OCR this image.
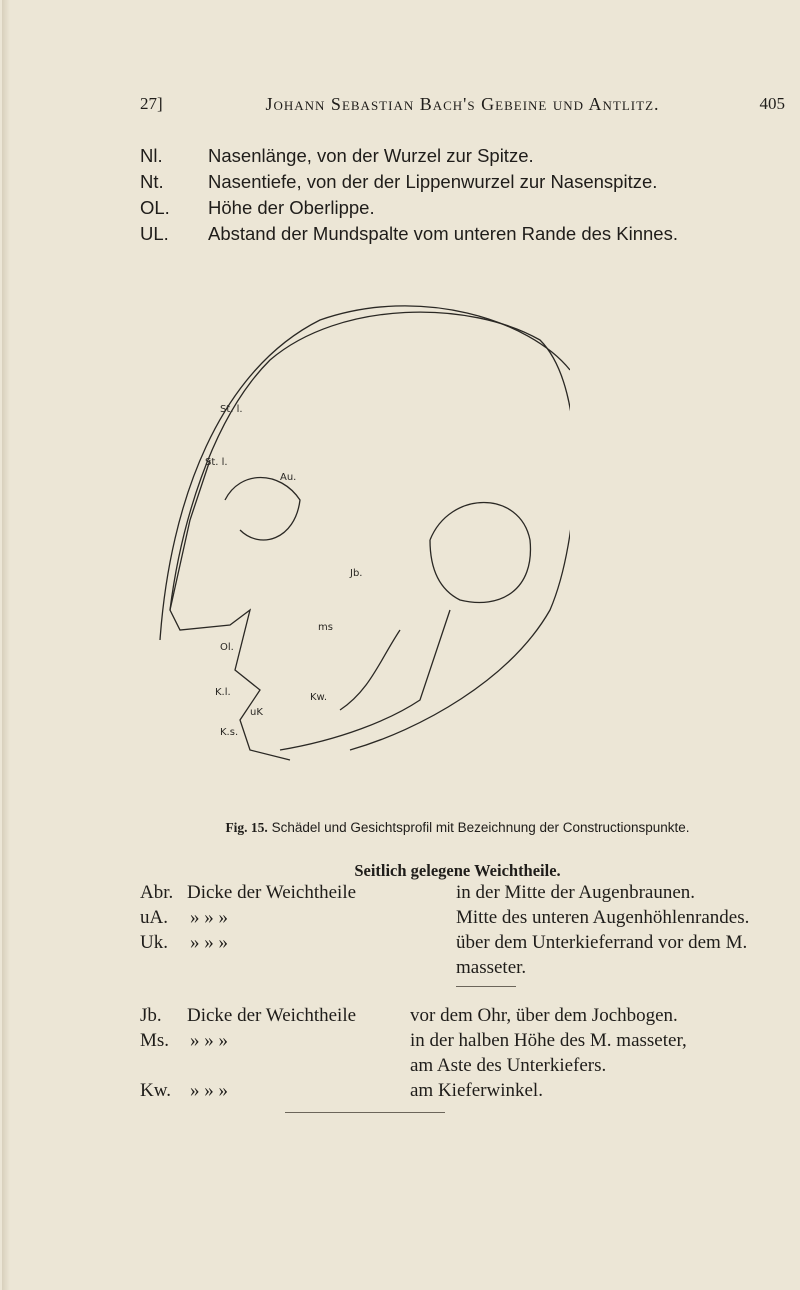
27]	Johann Sebastian Bach's Gebeine und Antlitz.	405
Nl.	Nasenlänge, von der Wurzel zur Spitze.
Nt.	Nasentiefe, von der der Lippenwurzel zur Nasenspitze.
OL.	Höhe der Oberlippe.
UL.	Abstand der Mundspalte vom unteren Rande des Kinnes.
St. l.
St. l.
Au.
Jb.
ms
Kw.
uK
Ol.
K.l.
K.s.
Fig. 15. Schädel und Gesichtsprofil mit Bezeichnung der Constructionspunkte.
Seitlich gelegene Weichtheile.
Abr. Dicke der Weichtheile	in der Mitte der Augenbraunen.
uA. » » »	Mitte des unteren Augenhöhlenrandes.
Uk. » » »	über dem Unterkieferrand vor dem M.
masseter.
Jb. Dicke der Weichtheile	vor dem Ohr, über dem Jochbogen.
Ms. » » »	in der halben Höhe des M. masseter,
am Aste des Unterkiefers.
Kw. » » »	am Kieferwinkel.
